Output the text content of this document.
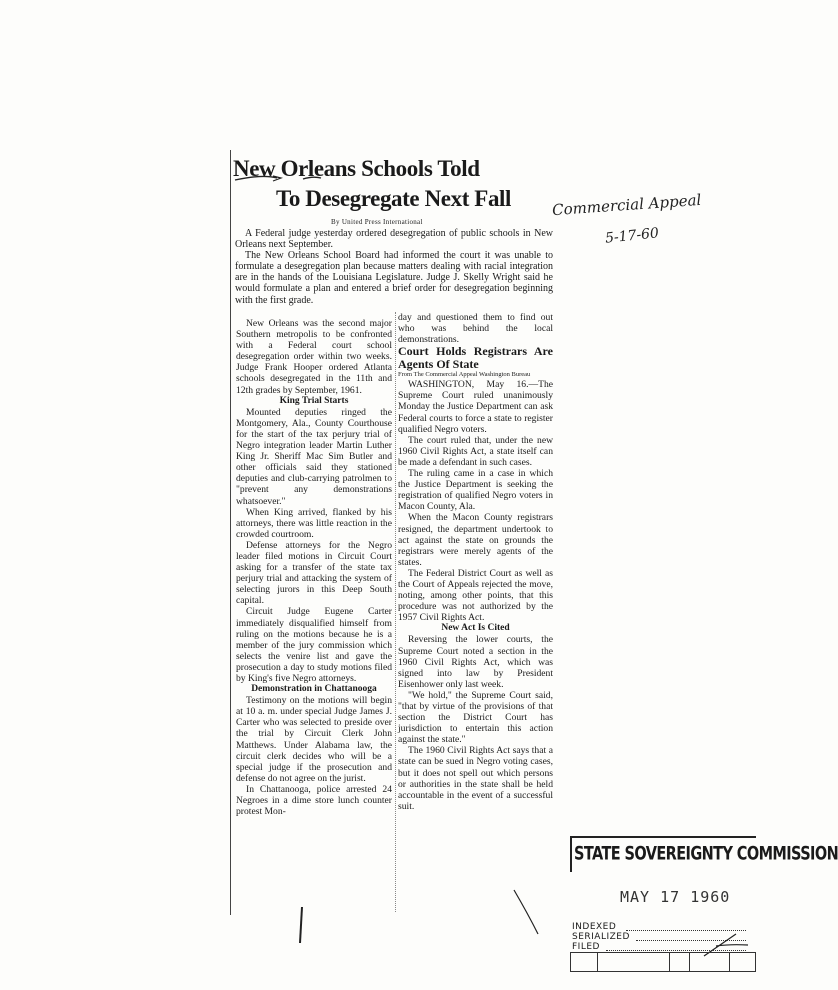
New Orleans Schools Told
To Desegregate Next Fall
By United Press International

A Federal judge yesterday ordered desegregation of public schools in New Orleans next September.

The New Orleans School Board had informed the court it was unable to formulate a desegregation plan because matters dealing with racial integration are in the hands of the Louisiana Legislature. Judge J. Skelly Wright said he would formulate a plan and entered a brief order for desegregation beginning with the first grade.

New Orleans was the second major Southern metropolis to be confronted with a Federal court school desegregation order within two weeks. Judge Frank Hooper ordered Atlanta schools desegregated in the 11th and 12th grades by September, 1961.

King Trial Starts

Mounted deputies ringed the Montgomery, Ala., County Courthouse for the start of the tax perjury trial of Negro integration leader Martin Luther King Jr. Sheriff Mac Sim Butler and other officials said they stationed deputies and club-carrying patrolmen to "prevent any demonstrations whatsoever."

When King arrived, flanked by his attorneys, there was little reaction in the crowded courtroom.

Defense attorneys for the Negro leader filed motions in Circuit Court asking for a transfer of the state tax perjury trial and attacking the system of selecting jurors in this Deep South capital.

Circuit Judge Eugene Carter immediately disqualified himself from ruling on the motions because he is a member of the jury commission which selects the venire list and gave the prosecution a day to study motions filed by King's five Negro attorneys.

Demonstration in Chattanooga

Testimony on the motions will begin at 10 a. m. under special Judge James J. Carter who was selected to preside over the trial by Circuit Clerk John Matthews. Under Alabama law, the circuit clerk decides who will be a special judge if the prosecution and defense do not agree on the jurist.

In Chattanooga, police arrested 24 Negroes in a dime store lunch counter protest Mon-

day and questioned them to find out who was behind the local demonstrations.

Court Holds Registrars Are Agents Of State

From The Commercial Appeal Washington Bureau

WASHINGTON, May 16.—The Supreme Court ruled unanimously Monday the Justice Department can ask Federal courts to force a state to register qualified Negro voters.

The court ruled that, under the new 1960 Civil Rights Act, a state itself can be made a defendant in such cases.

The ruling came in a case in which the Justice Department is seeking the registration of qualified Negro voters in Macon County, Ala.

When the Macon County registrars resigned, the department undertook to act against the state on grounds the registrars were merely agents of the states.

The Federal District Court as well as the Court of Appeals rejected the move, noting, among other points, that this procedure was not authorized by the 1957 Civil Rights Act.

New Act Is Cited

Reversing the lower courts, the Supreme Court noted a section in the 1960 Civil Rights Act, which was signed into law by President Eisenhower only last week.

"We hold," the Supreme Court said, "that by virtue of the provisions of that section the District Court has jurisdiction to entertain this action against the state."

The 1960 Civil Rights Act says that a state can be sued in Negro voting cases, but it does not spell out which persons or authorities in the state shall be held accountable in the event of a successful suit.

Commercial Appeal
5-17-60
STATE SOVEREIGNTY COMMISSION
MAY 17 1960
INDEXED
SERIALIZED
FILED
